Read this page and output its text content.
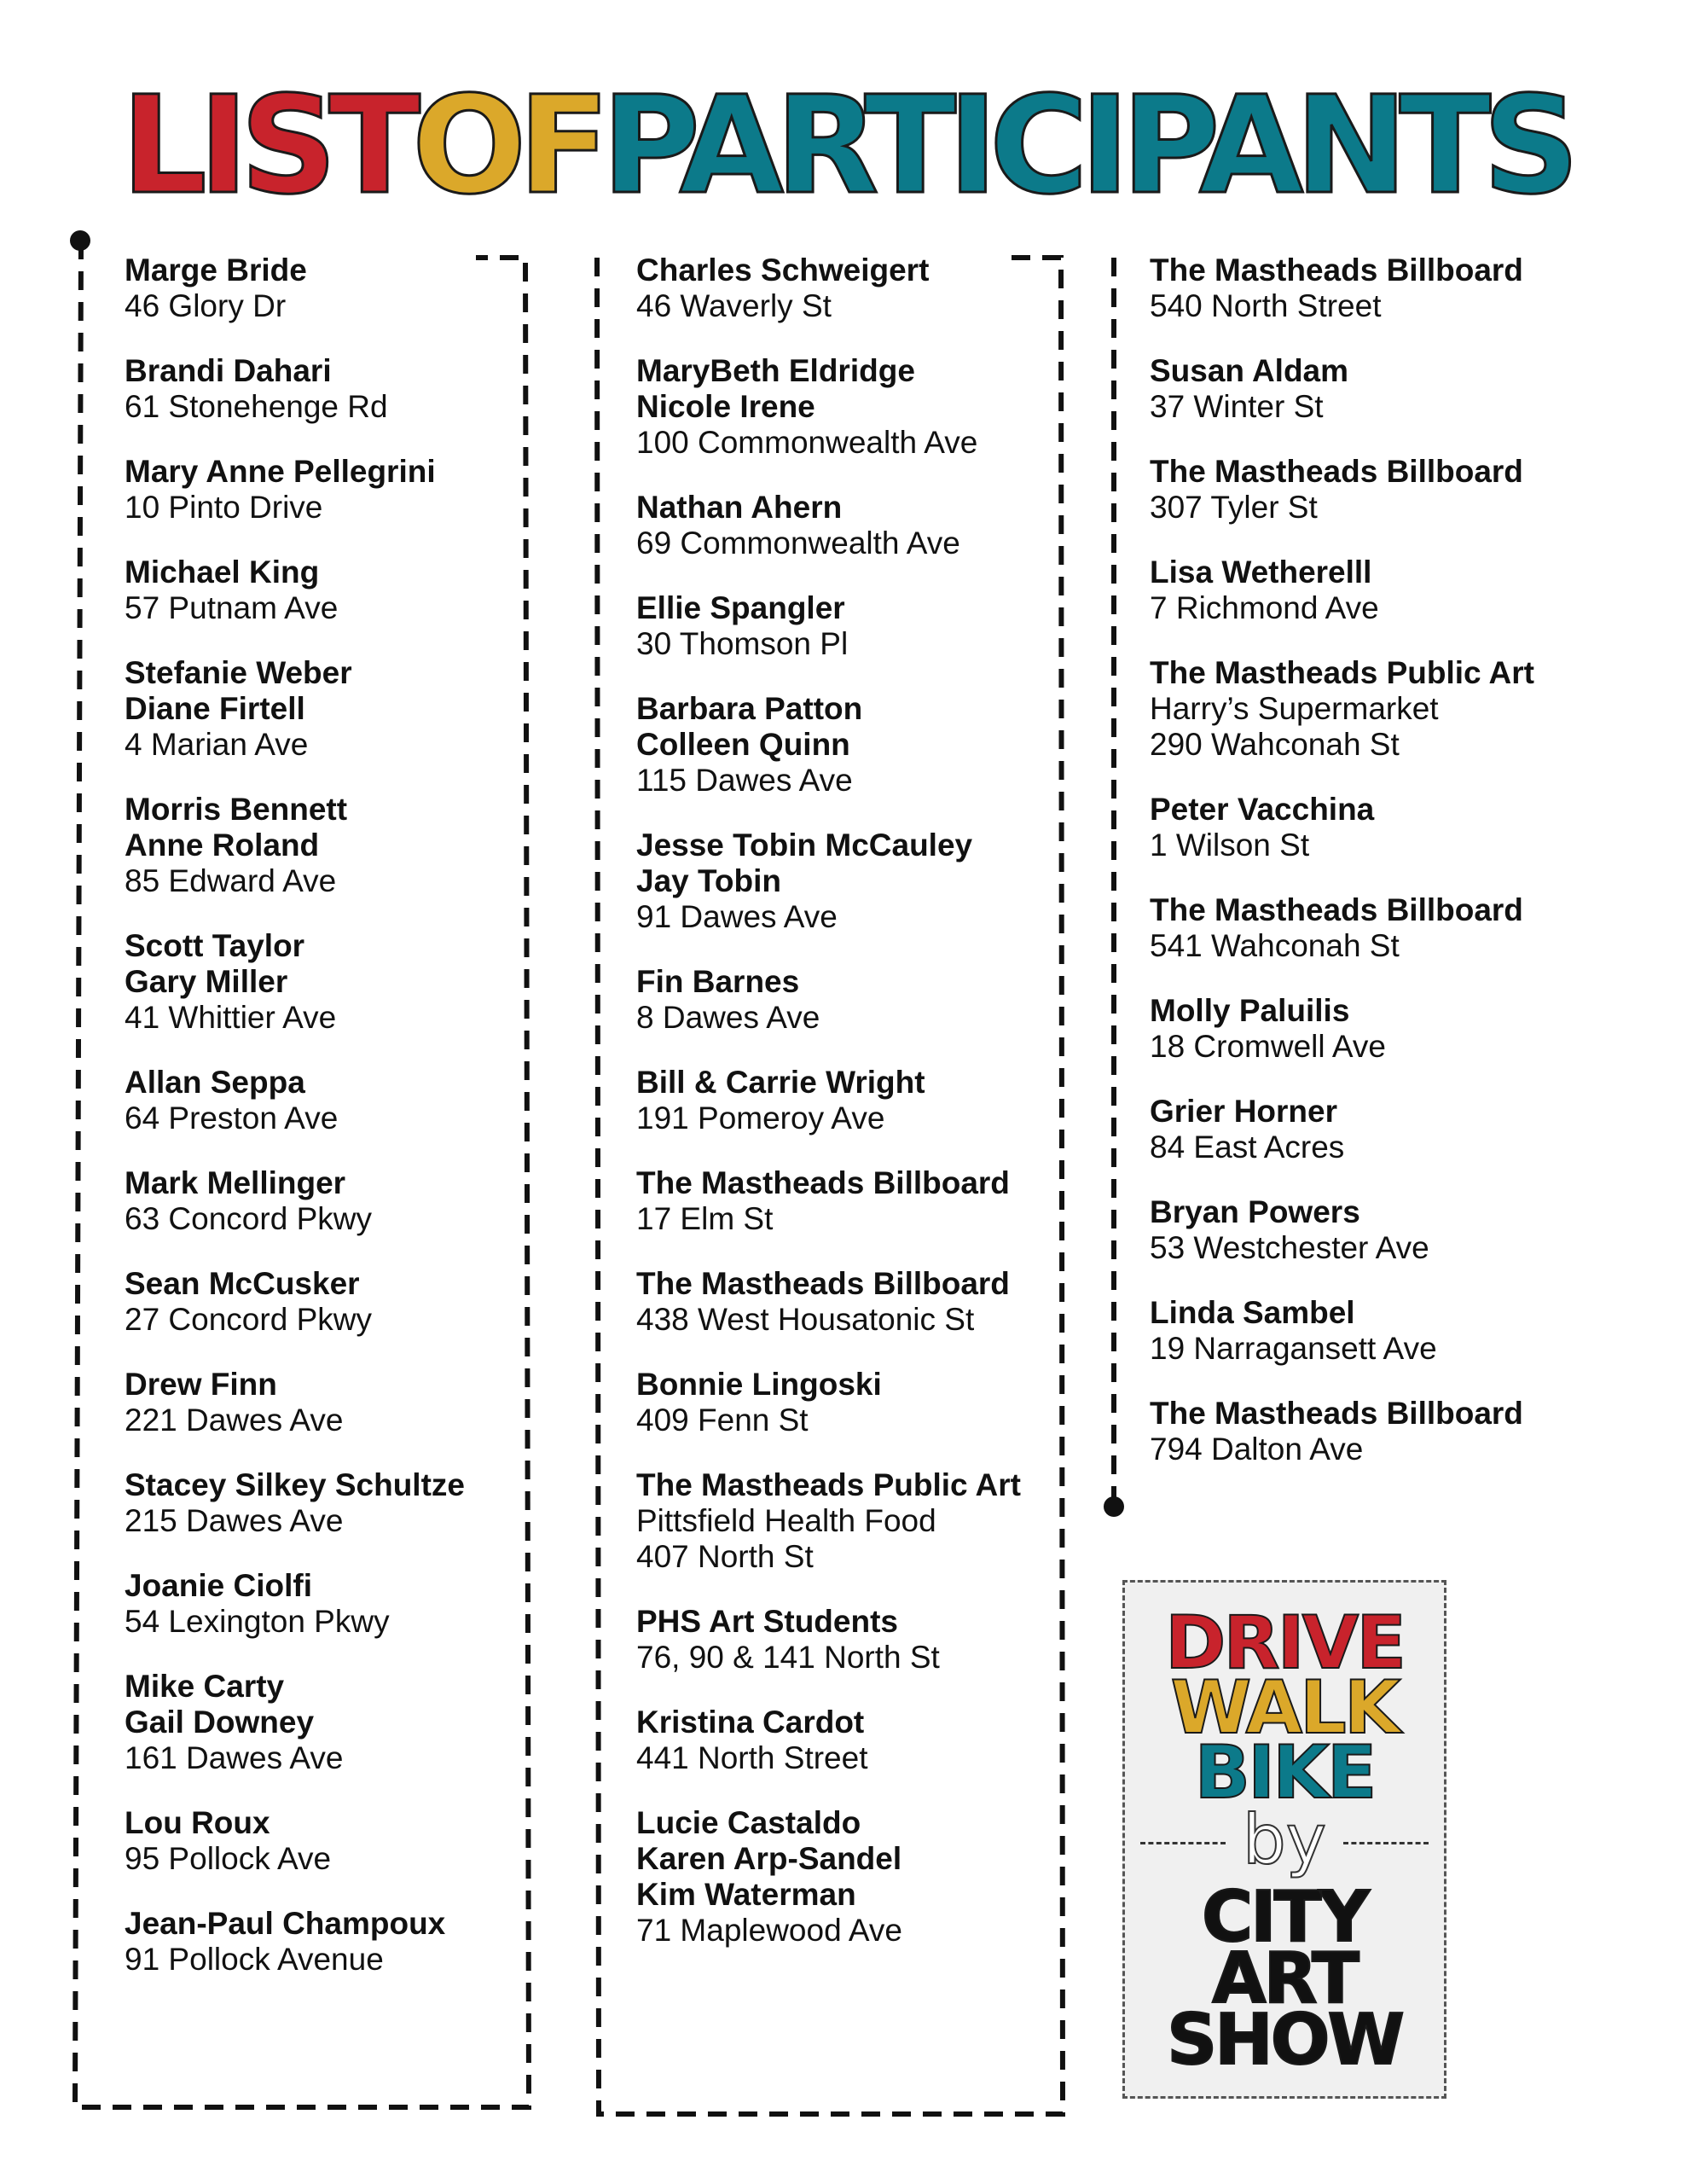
LISTOFPARTICIPANTS
Marge Bride
46 Glory Dr
Brandi Dahari
61 Stonehenge Rd
Mary Anne Pellegrini
10 Pinto Drive
Michael King
57 Putnam Ave
Stefanie Weber
Diane Firtell
4 Marian Ave
Morris Bennett
Anne Roland
85 Edward Ave
Scott Taylor
Gary Miller
41 Whittier Ave
Allan Seppa
64 Preston Ave
Mark Mellinger
63 Concord Pkwy
Sean McCusker
27 Concord Pkwy
Drew Finn
221 Dawes Ave
Stacey Silkey Schultze
215 Dawes Ave
Joanie Ciolfi
54 Lexington Pkwy
Mike Carty
Gail Downey
161 Dawes Ave
Lou Roux
95 Pollock Ave
Jean-Paul Champoux
91 Pollock Avenue
Charles Schweigert
46 Waverly St
MaryBeth Eldridge
Nicole Irene
100 Commonwealth Ave
Nathan Ahern
69 Commonwealth Ave
Ellie Spangler
30 Thomson Pl
Barbara Patton
Colleen Quinn
115 Dawes Ave
Jesse Tobin McCauley
Jay Tobin
91 Dawes Ave
Fin Barnes
8 Dawes Ave
Bill & Carrie Wright
191 Pomeroy Ave
The Mastheads Billboard
17 Elm St
The Mastheads Billboard
438 West Housatonic St
Bonnie Lingoski
409 Fenn St
The Mastheads Public Art
Pittsfield Health Food
407 North St
PHS Art Students
76, 90 & 141 North St
Kristina Cardot
441 North Street
Lucie Castaldo
Karen Arp-Sandel
Kim Waterman
71 Maplewood Ave
The Mastheads Billboard
540 North Street
Susan Aldam
37 Winter St
The Mastheads Billboard
307 Tyler St
Lisa Wetherelll
7 Richmond Ave
The Mastheads Public Art
Harry’s Supermarket
290 Wahconah St
Peter Vacchina
1 Wilson St
The Mastheads Billboard
541 Wahconah St
Molly Paluilis
18 Cromwell Ave
Grier Horner
84 East Acres
Bryan Powers
53 Westchester Ave
Linda Sambel
19 Narragansett Ave
The Mastheads Billboard
794 Dalton Ave

DRIVE

WALK

BIKE

by

CITY

ART

SHOW
